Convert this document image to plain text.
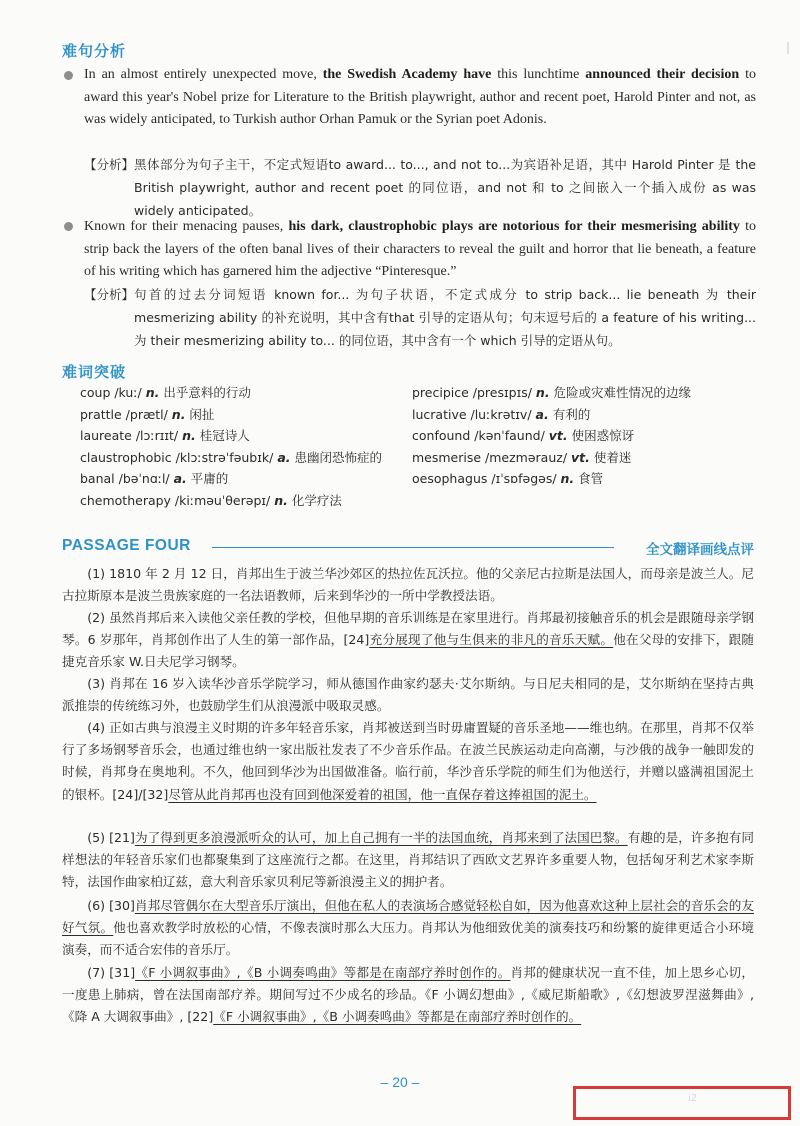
难句分析
In an almost entirely unexpected move, the Swedish Academy have this lunchtime announced their decision to award this year's Nobel prize for Literature to the British playwright, author and recent poet, Harold Pinter and not, as was widely anticipated, to Turkish author Orhan Pamuk or the Syrian poet Adonis.
【分析】 黑体部分为句子主干，不定式短语to award... to..., and not to...为宾语补足语，其中 Harold Pinter 是 the British playwright, author and recent poet 的同位语，and not 和 to 之间嵌入一个插入成份 as was widely anticipated。
Known for their menacing pauses, his dark, claustrophobic plays are notorious for their mesmerising ability to strip back the layers of the often banal lives of their characters to reveal the guilt and horror that lie beneath, a feature of his writing which has garnered him the adjective “Pinteresque.”
【分析】 句首的过去分词短语 known for... 为句子状语，不定式成分 to strip back... lie beneath 为 their mesmerizing ability 的补充说明，其中含有that 引导的定语从句；句末逗号后的 a feature of his writing... 为 their mesmerizing ability to... 的同位语，其中含有一个 which 引导的定语从句。
难词突破
coup /kuː/ n. 出乎意料的行动
prattle /prætl/ n. 闲扯
laureate /lɔːrɪɪt/ n. 桂冠诗人
claustrophobic /klɔːstrəˈfəubɪk/ a. 患幽闭恐怖症的
banal /bəˈnɑːl/ a. 平庸的
chemotherapy /kiːməuˈθerəpɪ/ n. 化学疗法
precipice /presɪpɪs/ n. 危险或灾难性情况的边缘
lucrative /luːkrətɪv/ a. 有利的
confound /kənˈfaund/ vt. 使困惑惊讶
mesmerise /mezmərauz/ vt. 使着迷
oesophagus /ɪˈsɒfəgəs/ n. 食管
PASSAGE FOUR	全文翻译画线点评
(1) 1810 年 2 月 12 日，肖邦出生于波兰华沙郊区的热拉佐瓦沃拉。他的父亲尼古拉斯是法国人，而母亲是波兰人。尼古拉斯原本是波兰贵族家庭的一名法语教师，后来到华沙的一所中学教授法语。
(2) 虽然肖邦后来入读他父亲任教的学校，但他早期的音乐训练是在家里进行。肖邦最初接触音乐的机会是跟随母亲学钢琴。6 岁那年，肖邦创作出了人生的第一部作品，[24]充分展现了他与生俱来的非凡的音乐天赋。他在父母的安排下，跟随捷克音乐家 W.日夫尼学习钢琴。
(3) 肖邦在 16 岁入读华沙音乐学院学习，师从德国作曲家约瑟夫·艾尔斯纳。与日尼夫相同的是，艾尔斯纳在坚持古典派推崇的传统练习外，也鼓励学生们从浪漫派中吸取灵感。
(4) 正如古典与浪漫主义时期的许多年轻音乐家，肖邦被送到当时毋庸置疑的音乐圣地——维也纳。在那里，肖邦不仅举行了多场钢琴音乐会，也通过维也纳一家出版社发表了不少音乐作品。在波兰民族运动走向高潮，与沙俄的战争一触即发的时候，肖邦身在奥地利。不久，他回到华沙为出国做准备。临行前，华沙音乐学院的师生们为他送行，并赠以盛满祖国泥土的银杯。[24]/[32]尽管从此肖邦再也没有回到他深爱着的祖国，他一直保存着这捧祖国的泥土。
(5) [21]为了得到更多浪漫派听众的认可，加上自己拥有一半的法国血统，肖邦来到了法国巴黎。有趣的是，许多抱有同样想法的年轻音乐家们也都聚集到了这座流行之都。在这里，肖邦结识了西欧文艺界许多重要人物，包括匈牙利艺术家李斯特，法国作曲家柏辽兹，意大利音乐家贝利尼等新浪漫主义的拥护者。
(6) [30]肖邦尽管偶尔在大型音乐厅演出，但他在私人的表演场合感觉轻松自如，因为他喜欢这种上层社会的音乐会的友好气氛。他也喜欢教学时放松的心情，不像表演时那么大压力。肖邦认为他细致优美的演奏技巧和纷繁的旋律更适合小环境演奏，而不适合宏伟的音乐厅。
(7) [31]《F 小调叙事曲》,《B 小调奏鸣曲》等都是在南部疗养时创作的。肖邦的健康状况一直不佳，加上思乡心切，一度患上肺病，曾在法国南部疗养。期间写过不少成名的珍品。《F 小调幻想曲》,《威尼斯船歌》,《幻想波罗涅滋舞曲》,《降 A 大调叙事曲》, [22]《F 小调叙事曲》,《B 小调奏鸣曲》等都是在南部疗养时创作的。
– 20 –
i2
